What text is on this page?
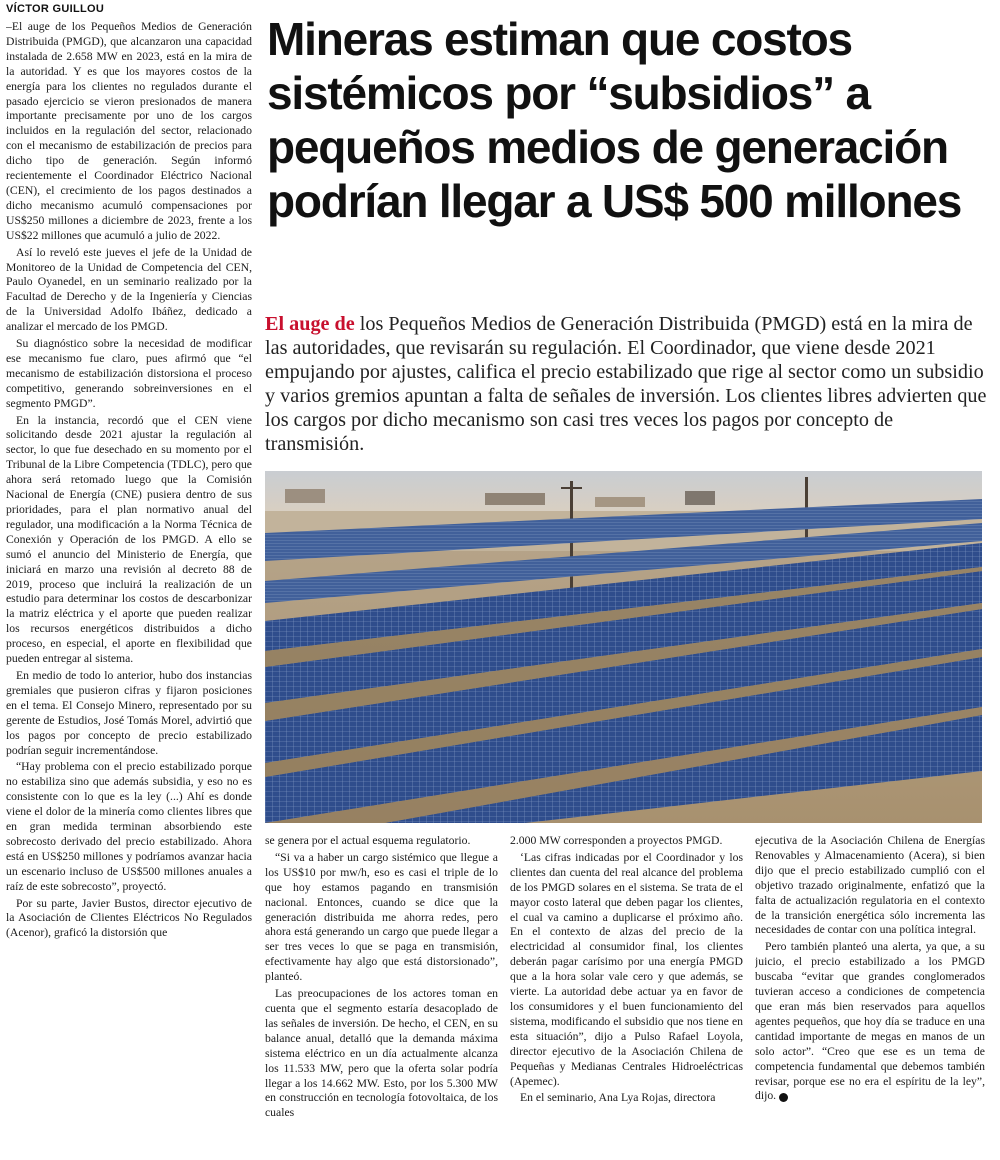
VÍCTOR GUILLOU

–El auge de los Pequeños Medios de Generación Distribuida (PMGD), que alcanzaron una capacidad instalada de 2.658 MW en 2023, está en la mira de la autoridad. Y es que los mayores costos de la energía para los clientes no regulados durante el pasado ejercicio se vieron presionados de manera importante precisamente por uno de los cargos incluidos en la regulación del sector, relacionado con el mecanismo de estabilización de precios para dicho tipo de generación. Según informó recientemente el Coordinador Eléctrico Nacional (CEN), el crecimiento de los pagos destinados a dicho mecanismo acumuló compensaciones por US$250 millones a diciembre de 2023, frente a los US$22 millones que acumuló a julio de 2022.

Así lo reveló este jueves el jefe de la Unidad de Monitoreo de la Unidad de Competencia del CEN, Paulo Oyanedel, en un seminario realizado por la Facultad de Derecho y de la Ingeniería y Ciencias de la Universidad Adolfo Ibáñez, dedicado a analizar el mercado de los PMGD.

Su diagnóstico sobre la necesidad de modificar ese mecanismo fue claro, pues afirmó que “el mecanismo de estabilización distorsiona el proceso competitivo, generando sobreinversiones en el segmento PMGD”.

En la instancia, recordó que el CEN viene solicitando desde 2021 ajustar la regulación al sector, lo que fue desechado en su momento por el Tribunal de la Libre Competencia (TDLC), pero que ahora será retomado luego que la Comisión Nacional de Energía (CNE) pusiera dentro de sus prioridades, para el plan normativo anual del regulador, una modificación a la Norma Técnica de Conexión y Operación de los PMGD. A ello se sumó el anuncio del Ministerio de Energía, que iniciará en marzo una revisión al decreto 88 de 2019, proceso que incluirá la realización de un estudio para determinar los costos de descarbonizar la matriz eléctrica y el aporte que pueden realizar los recursos energéticos distribuidos a dicho proceso, en especial, el aporte en flexibilidad que pueden entregar al sistema.

En medio de todo lo anterior, hubo dos instancias gremiales que pusieron cifras y fijaron posiciones en el tema. El Consejo Minero, representado por su gerente de Estudios, José Tomás Morel, advirtió que los pagos por concepto de precio estabilizado podrían seguir incrementándose.

“Hay problema con el precio estabilizado porque no estabiliza sino que además subsidia, y eso no es consistente con lo que es la ley (...) Ahí es donde viene el dolor de la minería como clientes libres que en gran medida terminan absorbiendo este sobrecosto derivado del precio estabilizado. Ahora está en US$250 millones y podríamos avanzar hacia un escenario incluso de US$500 millones anuales a raíz de este sobrecosto”, proyectó.

Por su parte, Javier Bustos, director ejecutivo de la Asociación de Clientes Eléctricos No Regulados (Acenor), graficó la distorsión que

Mineras estiman que costos sistémicos por “subsidios” a pequeños medios de generación podrían llegar a US$ 500 millones
El auge de los Pequeños Medios de Generación Distribuida (PMGD) está en la mira de las autoridades, que revisarán su regulación. El Coordinador, que viene desde 2021 empujando por ajustes, califica el precio estabilizado que rige al sector como un subsidio y varios gremios apuntan a falta de señales de inversión. Los clientes libres advierten que los cargos por dicho mecanismo son casi tres veces los pagos por concepto de transmisión.

se genera por el actual esquema regulatorio.

“Si va a haber un cargo sistémico que llegue a los US$10 por mw/h, eso es casi el triple de lo que hoy estamos pagando en transmisión nacional. Entonces, cuando se dice que la generación distribuida me ahorra redes, pero ahora está generando un cargo que puede llegar a ser tres veces lo que se paga en transmisión, efectivamente hay algo que está distorsionado”, planteó.

Las preocupaciones de los actores toman en cuenta que el segmento estaría desacoplado de las señales de inversión. De hecho, el CEN, en su balance anual, detalló que la demanda máxima sistema eléctrico en un día actualmente alcanza los 11.533 MW, pero que la oferta solar podría llegar a los 14.662 MW. Esto, por los 5.300 MW en construcción en tecnología fotovoltaica, de los cuales

2.000 MW corresponden a proyectos PMGD.

‘Las cifras indicadas por el Coordinador y los clientes dan cuenta del real alcance del problema de los PMGD solares en el sistema. Se trata de el mayor costo lateral que deben pagar los clientes, el cual va camino a duplicarse el próximo año. En el contexto de alzas del precio de la electricidad al consumidor final, los clientes deberán pagar carísimo por una energía PMGD que a la hora solar vale cero y que además, se vierte. La autoridad debe actuar ya en favor de los consumidores y el buen funcionamiento del sistema, modificando el subsidio que nos tiene en esta situación”, dijo a Pulso Rafael Loyola, director ejecutivo de la Asociación Chilena de Pequeñas y Medianas Centrales Hidroeléctricas (Apemec).

En el seminario, Ana Lya Rojas, directora

ejecutiva de la Asociación Chilena de Energías Renovables y Almacenamiento (Acera), si bien dijo que el precio estabilizado cumplió con el objetivo trazado originalmente, enfatizó que la falta de actualización regulatoria en el contexto de la transición energética sólo incrementa las necesidades de contar con una política integral.

Pero también planteó una alerta, ya que, a su juicio, el precio estabilizado a los PMGD buscaba “evitar que grandes conglomerados tuvieran acceso a condiciones de competencia que eran más bien reservados para aquellos agentes pequeños, que hoy día se traduce en una cantidad importante de megas en manos de un solo actor”. “Creo que ese es un tema de competencia fundamental que debemos también revisar, porque ese no era el espíritu de la ley”, dijo. P
